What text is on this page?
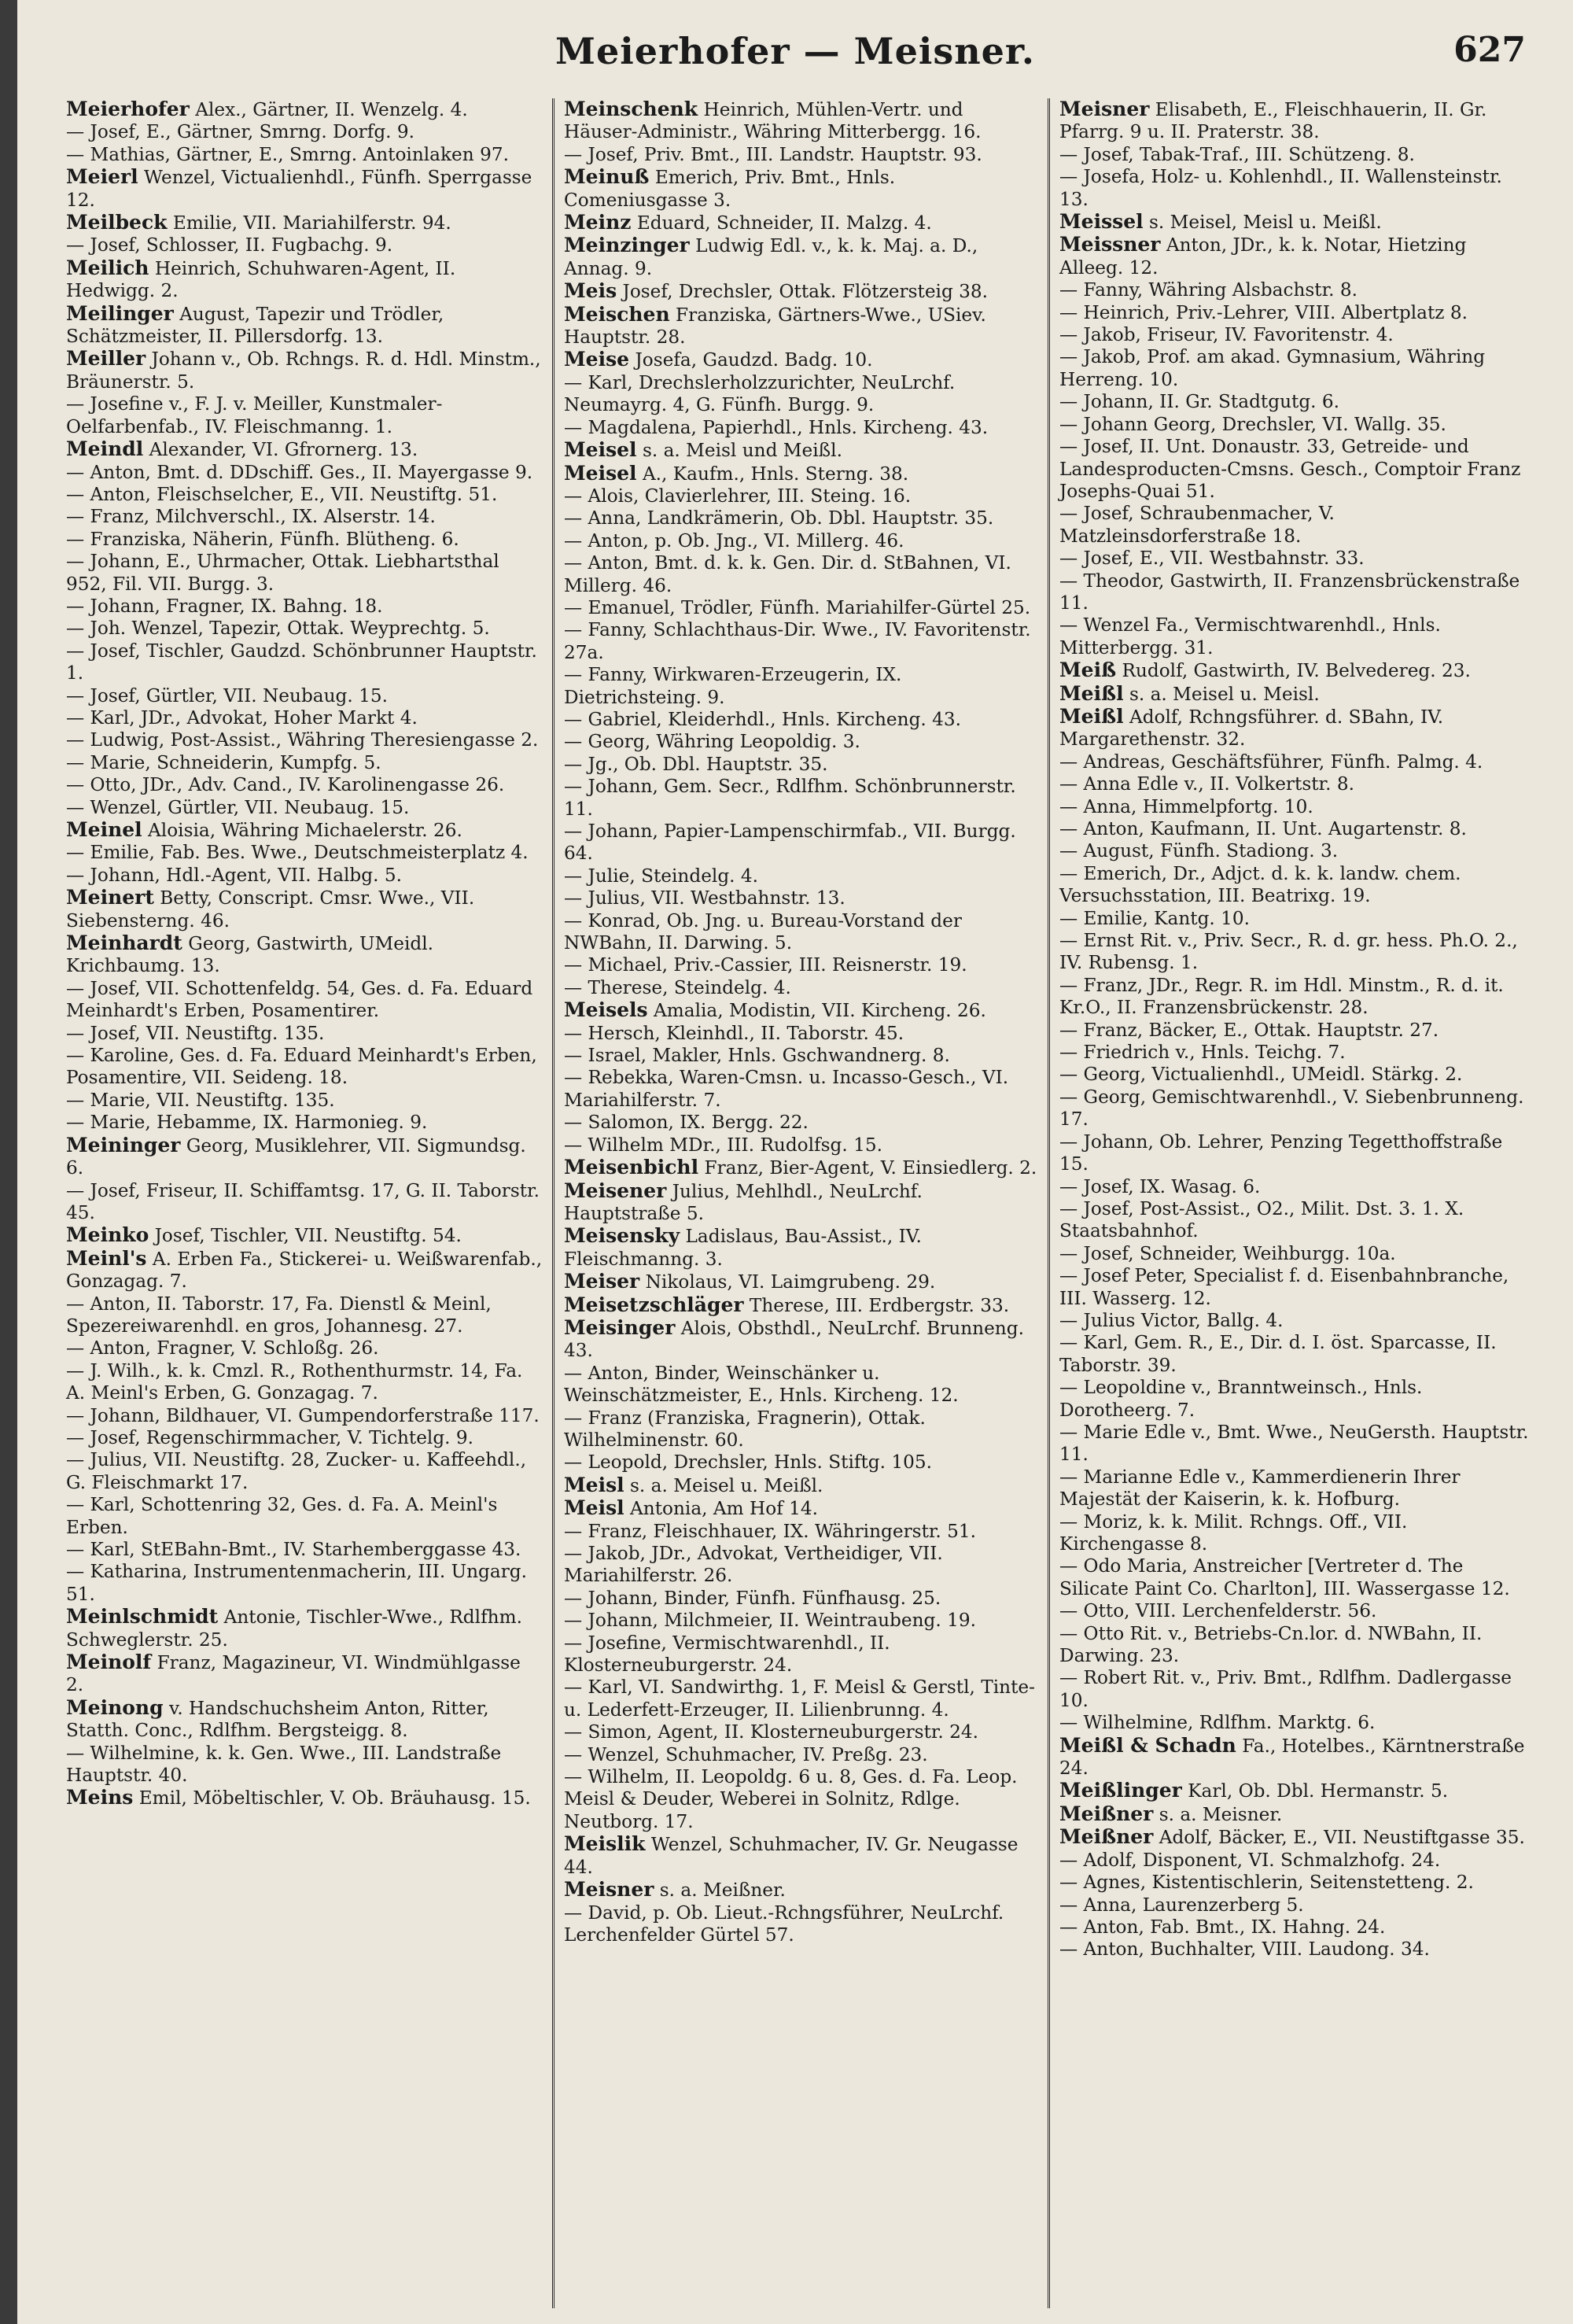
Meierhofer — Meisner.	627

Meierhofer Alex., Gärtner, II. Wenzelg. 4.

— Josef, E., Gärtner, Smrng. Dorfg. 9.

— Mathias, Gärtner, E., Smrng. Antoinlaken 97.

Meierl Wenzel, Victualienhdl., Fünfh. Sperrgasse 12.

Meilbeck Emilie, VII. Mariahilferstr. 94.

— Josef, Schlosser, II. Fugbachg. 9.

Meilich Heinrich, Schuhwaren-Agent, II. Hedwigg. 2.

Meilinger August, Tapezir und Trödler, Schätzmeister, II. Pillersdorfg. 13.

Meiller Johann v., Ob. Rchngs. R. d. Hdl. Minstm., Bräunerstr. 5.

— Josefine v., F. J. v. Meiller, Kunstmaler-Oelfarbenfab., IV. Fleischmanng. 1.

Meindl Alexander, VI. Gfrornerg. 13.

— Anton, Bmt. d. DDschiff. Ges., II. Mayergasse 9.

— Anton, Fleischselcher, E., VII. Neustiftg. 51.

— Franz, Milchverschl., IX. Alserstr. 14.

— Franziska, Näherin, Fünfh. Blütheng. 6.

— Johann, E., Uhrmacher, Ottak. Liebhartsthal 952, Fil. VII. Burgg. 3.

— Johann, Fragner, IX. Bahng. 18.

— Joh. Wenzel, Tapezir, Ottak. Weyprechtg. 5.

— Josef, Tischler, Gaudzd. Schönbrunner Hauptstr. 1.

— Josef, Gürtler, VII. Neubaug. 15.

— Karl, JDr., Advokat, Hoher Markt 4.

— Ludwig, Post-Assist., Währing Theresiengasse 2.

— Marie, Schneiderin, Kumpfg. 5.

— Otto, JDr., Adv. Cand., IV. Karolinengasse 26.

— Wenzel, Gürtler, VII. Neubaug. 15.

Meinel Aloisia, Währing Michaelerstr. 26.

— Emilie, Fab. Bes. Wwe., Deutschmeisterplatz 4.

— Johann, Hdl.-Agent, VII. Halbg. 5.

Meinert Betty, Conscript. Cmsr. Wwe., VII. Siebensterng. 46.

Meinhardt Georg, Gastwirth, UMeidl. Krichbaumg. 13.

— Josef, VII. Schottenfeldg. 54, Ges. d. Fa. Eduard Meinhardt's Erben, Posamentirer.

— Josef, VII. Neustiftg. 135.

— Karoline, Ges. d. Fa. Eduard Meinhardt's Erben, Posamentire, VII. Seideng. 18.

— Marie, VII. Neustiftg. 135.

— Marie, Hebamme, IX. Harmonieg. 9.

Meininger Georg, Musiklehrer, VII. Sigmundsg. 6.

— Josef, Friseur, II. Schiffamtsg. 17, G. II. Taborstr. 45.

Meinko Josef, Tischler, VII. Neustiftg. 54.

Meinl's A. Erben Fa., Stickerei- u. Weißwarenfab., Gonzagag. 7.

— Anton, II. Taborstr. 17, Fa. Dienstl & Meinl, Spezereiwarenhdl. en gros, Johannesg. 27.

— Anton, Fragner, V. Schloßg. 26.

— J. Wilh., k. k. Cmzl. R., Rothenthurmstr. 14, Fa. A. Meinl's Erben, G. Gonzagag. 7.

— Johann, Bildhauer, VI. Gumpendorferstraße 117.

— Josef, Regenschirmmacher, V. Tichtelg. 9.

— Julius, VII. Neustiftg. 28, Zucker- u. Kaffeehdl., G. Fleischmarkt 17.

— Karl, Schottenring 32, Ges. d. Fa. A. Meinl's Erben.

— Karl, StEBahn-Bmt., IV. Starhemberggasse 43.

— Katharina, Instrumentenmacherin, III. Ungarg. 51.

Meinlschmidt Antonie, Tischler-Wwe., Rdlfhm. Schweglerstr. 25.

Meinolf Franz, Magazineur, VI. Windmühlgasse 2.

Meinong v. Handschuchsheim Anton, Ritter, Statth. Conc., Rdlfhm. Bergsteigg. 8.

— Wilhelmine, k. k. Gen. Wwe., III. Landstraße Hauptstr. 40.

Meins Emil, Möbeltischler, V. Ob. Bräuhausg. 15.

Meinschenk Heinrich, Mühlen-Vertr. und Häuser-Administr., Währing Mitterbergg. 16.

— Josef, Priv. Bmt., III. Landstr. Hauptstr. 93.

Meinuß Emerich, Priv. Bmt., Hnls. Comeniusgasse 3.

Meinz Eduard, Schneider, II. Malzg. 4.

Meinzinger Ludwig Edl. v., k. k. Maj. a. D., Annag. 9.

Meis Josef, Drechsler, Ottak. Flötzersteig 38.

Meischen Franziska, Gärtners-Wwe., USiev. Hauptstr. 28.

Meise Josefa, Gaudzd. Badg. 10.

— Karl, Drechslerholzzurichter, NeuLrchf. Neumayrg. 4, G. Fünfh. Burgg. 9.

— Magdalena, Papierhdl., Hnls. Kircheng. 43.

Meisel s. a. Meisl und Meißl.

Meisel A., Kaufm., Hnls. Sterng. 38.

— Alois, Clavierlehrer, III. Steing. 16.

— Anna, Landkrämerin, Ob. Dbl. Hauptstr. 35.

— Anton, p. Ob. Jng., VI. Millerg. 46.

— Anton, Bmt. d. k. k. Gen. Dir. d. StBahnen, VI. Millerg. 46.

— Emanuel, Trödler, Fünfh. Mariahilfer-Gürtel 25.

— Fanny, Schlachthaus-Dir. Wwe., IV. Favoritenstr. 27a.

— Fanny, Wirkwaren-Erzeugerin, IX. Dietrichsteing. 9.

— Gabriel, Kleiderhdl., Hnls. Kircheng. 43.

— Georg, Währing Leopoldig. 3.

— Jg., Ob. Dbl. Hauptstr. 35.

— Johann, Gem. Secr., Rdlfhm. Schönbrunnerstr. 11.

— Johann, Papier-Lampenschirmfab., VII. Burgg. 64.

— Julie, Steindelg. 4.

— Julius, VII. Westbahnstr. 13.

— Konrad, Ob. Jng. u. Bureau-Vorstand der NWBahn, II. Darwing. 5.

— Michael, Priv.-Cassier, III. Reisnerstr. 19.

— Therese, Steindelg. 4.

Meisels Amalia, Modistin, VII. Kircheng. 26.

— Hersch, Kleinhdl., II. Taborstr. 45.

— Israel, Makler, Hnls. Gschwandnerg. 8.

— Rebekka, Waren-Cmsn. u. Incasso-Gesch., VI. Mariahilferstr. 7.

— Salomon, IX. Bergg. 22.

— Wilhelm MDr., III. Rudolfsg. 15.

Meisenbichl Franz, Bier-Agent, V. Einsiedlerg. 2.

Meisener Julius, Mehlhdl., NeuLrchf. Hauptstraße 5.

Meisensky Ladislaus, Bau-Assist., IV. Fleischmanng. 3.

Meiser Nikolaus, VI. Laimgrubeng. 29.

Meisetzschläger Therese, III. Erdbergstr. 33.

Meisinger Alois, Obsthdl., NeuLrchf. Brunneng. 43.

— Anton, Binder, Weinschänker u. Weinschätzmeister, E., Hnls. Kircheng. 12.

— Franz (Franziska, Fragnerin), Ottak. Wilhelminenstr. 60.

— Leopold, Drechsler, Hnls. Stiftg. 105.

Meisl s. a. Meisel u. Meißl.

Meisl Antonia, Am Hof 14.

— Franz, Fleischhauer, IX. Währingerstr. 51.

— Jakob, JDr., Advokat, Vertheidiger, VII. Mariahilferstr. 26.

— Johann, Binder, Fünfh. Fünfhausg. 25.

— Johann, Milchmeier, II. Weintraubeng. 19.

— Josefine, Vermischtwarenhdl., II. Klosterneuburgerstr. 24.

— Karl, VI. Sandwirthg. 1, F. Meisl & Gerstl, Tinte- u. Lederfett-Erzeuger, II. Lilienbrunng. 4.

— Simon, Agent, II. Klosterneuburgerstr. 24.

— Wenzel, Schuhmacher, IV. Preßg. 23.

— Wilhelm, II. Leopoldg. 6 u. 8, Ges. d. Fa. Leop. Meisl & Deuder, Weberei in Solnitz, Rdlge. Neutborg. 17.

Meislik Wenzel, Schuhmacher, IV. Gr. Neugasse 44.

Meisner s. a. Meißner.

— David, p. Ob. Lieut.-Rchngsführer, NeuLrchf. Lerchenfelder Gürtel 57.

Meisner Elisabeth, E., Fleischhauerin, II. Gr. Pfarrg. 9 u. II. Praterstr. 38.

— Josef, Tabak-Traf., III. Schützeng. 8.

— Josefa, Holz- u. Kohlenhdl., II. Wallensteinstr. 13.

Meissel s. Meisel, Meisl u. Meißl.

Meissner Anton, JDr., k. k. Notar, Hietzing Alleeg. 12.

— Fanny, Währing Alsbachstr. 8.

— Heinrich, Priv.-Lehrer, VIII. Albertplatz 8.

— Jakob, Friseur, IV. Favoritenstr. 4.

— Jakob, Prof. am akad. Gymnasium, Währing Herreng. 10.

— Johann, II. Gr. Stadtgutg. 6.

— Johann Georg, Drechsler, VI. Wallg. 35.

— Josef, II. Unt. Donaustr. 33, Getreide- und Landesproducten-Cmsns. Gesch., Comptoir Franz Josephs-Quai 51.

— Josef, Schraubenmacher, V. Matzleinsdorferstraße 18.

— Josef, E., VII. Westbahnstr. 33.

— Theodor, Gastwirth, II. Franzensbrückenstraße 11.

— Wenzel Fa., Vermischtwarenhdl., Hnls. Mitterbergg. 31.

Meiß Rudolf, Gastwirth, IV. Belvedereg. 23.

Meißl s. a. Meisel u. Meisl.

Meißl Adolf, Rchngsführer. d. SBahn, IV. Margarethenstr. 32.

— Andreas, Geschäftsführer, Fünfh. Palmg. 4.

— Anna Edle v., II. Volkertstr. 8.

— Anna, Himmelpfortg. 10.

— Anton, Kaufmann, II. Unt. Augartenstr. 8.

— August, Fünfh. Stadiong. 3.

— Emerich, Dr., Adjct. d. k. k. landw. chem. Versuchsstation, III. Beatrixg. 19.

— Emilie, Kantg. 10.

— Ernst Rit. v., Priv. Secr., R. d. gr. hess. Ph.O. 2., IV. Rubensg. 1.

— Franz, JDr., Regr. R. im Hdl. Minstm., R. d. it. Kr.O., II. Franzensbrückenstr. 28.

— Franz, Bäcker, E., Ottak. Hauptstr. 27.

— Friedrich v., Hnls. Teichg. 7.

— Georg, Victualienhdl., UMeidl. Stärkg. 2.

— Georg, Gemischtwarenhdl., V. Siebenbrunneng. 17.

— Johann, Ob. Lehrer, Penzing Tegetthoffstraße 15.

— Josef, IX. Wasag. 6.

— Josef, Post-Assist., O2., Milit. Dst. 3. 1. X. Staatsbahnhof.

— Josef, Schneider, Weihburgg. 10a.

— Josef Peter, Specialist f. d. Eisenbahnbranche, III. Wasserg. 12.

— Julius Victor, Ballg. 4.

— Karl, Gem. R., E., Dir. d. I. öst. Sparcasse, II. Taborstr. 39.

— Leopoldine v., Branntweinsch., Hnls. Dorotheerg. 7.

— Marie Edle v., Bmt. Wwe., NeuGersth. Hauptstr. 11.

— Marianne Edle v., Kammerdienerin Ihrer Majestät der Kaiserin, k. k. Hofburg.

— Moriz, k. k. Milit. Rchngs. Off., VII. Kirchengasse 8.

— Odo Maria, Anstreicher [Vertreter d. The Silicate Paint Co. Charlton], III. Wassergasse 12.

— Otto, VIII. Lerchenfelderstr. 56.

— Otto Rit. v., Betriebs-Cn.lor. d. NWBahn, II. Darwing. 23.

— Robert Rit. v., Priv. Bmt., Rdlfhm. Dadlergasse 10.

— Wilhelmine, Rdlfhm. Marktg. 6.

Meißl & Schadn Fa., Hotelbes., Kärntnerstraße 24.

Meißlinger Karl, Ob. Dbl. Hermanstr. 5.

Meißner s. a. Meisner.

Meißner Adolf, Bäcker, E., VII. Neustiftgasse 35.

— Adolf, Disponent, VI. Schmalzhofg. 24.

— Agnes, Kistentischlerin, Seitenstetteng. 2.

— Anna, Laurenzerberg 5.

— Anton, Fab. Bmt., IX. Hahng. 24.

— Anton, Buchhalter, VIII. Laudong. 34.
